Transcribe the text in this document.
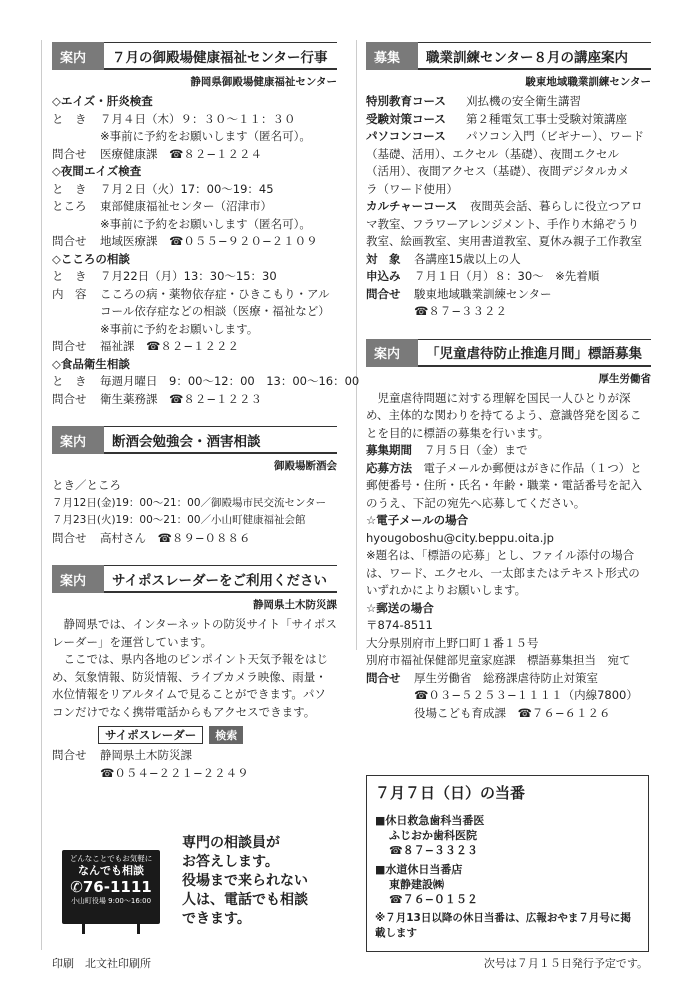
案内	７月の御殿場健康福祉センター行事
静岡県御殿場健康福祉センター
◇エイズ・肝炎検査
と　き	７月４日（木）９：３０〜１１：３０
※事前に予約をお願いします（匿名可）。
問合せ	医療健康課　☎８２−１２２４
◇夜間エイズ検査
と　き	７月２日（火）17：00〜19：45
ところ	東部健康福祉センター（沼津市）
※事前に予約をお願いします（匿名可）。
問合せ	地域医療課　☎０５５−９２０−２１０９
◇こころの相談
と　き	７月22日（月）13：30〜15：30
内　容	こころの病・薬物依存症・ひきこもり・アル
コール依存症などの相談（医療・福祉など）
※事前に予約をお願いします。
問合せ	福祉課　☎８２−１２２２
◇食品衛生相談
と　き	毎週月曜日　9：00〜12：00　13：00〜16：00
問合せ	衛生薬務課　☎８２−１２２３
案内	断酒会勉強会・酒害相談
御殿場断酒会
とき／ところ
７月12日(金)19：00〜21：00／御殿場市民交流センター
７月23日(火)19：00〜21：00／小山町健康福祉会館
問合せ	高村さん　☎８９−０８８６
案内	サイポスレーダーをご利用ください
静岡県土木防災課
静岡県では、インターネットの防災サイト「サイポスレーダー」を運営しています。
ここでは、県内各地のピンポイント天気予報をはじめ、気象情報、防災情報、ライブカメラ映像、雨量・水位情報をリアルタイムで見ることができます。パソコンだけでなく携帯電話からもアクセスできます。
サイポスレーダー 検索
問合せ	静岡県土木防災課
☎０５４−２２１−２２４９
どんなことでもお気軽に
なんでも相談
✆76-1111
小山町役場 9:00〜16:00
専門の相談員が
お答えします。
役場まで来られない
人は、電話でも相談
できます。
募集	職業訓練センター８月の講座案内
駿東地域職業訓練センター
特別教育コース	刈払機の安全衛生講習
受験対策コース	第２種電気工事士受験対策講座
パソコンコース	パソコン入門（ビギナー）、ワード
（基礎、活用）、エクセル（基礎）、夜間エクセル
（活用）、夜間アクセス（基礎）、夜間デジタルカメ
ラ（ワード使用）
カルチャーコース	夜間英会話、暮らしに役立つアロ
マ教室、フラワーアレンジメント、手作り木綿ぞうり
教室、絵画教室、実用書道教室、夏休み親子工作教室
対　象	各講座15歳以上の人
申込み	７月１日（月）８：30〜　※先着順
問合せ	駿東地域職業訓練センター
☎８７−３３２２
案内	「児童虐待防止推進月間」標語募集
厚生労働省
児童虐待問題に対する理解を国民一人ひとりが深め、主体的な関わりを持てるよう、意識啓発を図ることを目的に標語の募集を行います。
募集期間	７月５日（金）まで
応募方法　 電子メールか郵便はがきに作品（１つ）と郵便番号・住所・氏名・年齢・職業・電話番号を記入のうえ、下記の宛先へ応募してください。
☆電子メールの場合
hyougoboshu@city.beppu.oita.jp
※題名は、「標語の応募」とし、ファイル添付の場合は、ワード、エクセル、一太郎またはテキスト形式のいずれかによりお願いします。
☆郵送の場合
〒874-8511
大分県別府市上野口町１番１５号
別府市福祉保健部児童家庭課　標語募集担当　宛て
問合せ	厚生労働省　総務課虐待防止対策室
☎０３−５２５３−１１１１（内線7800）
役場こども育成課　☎７６−６１２６
７月７日（日）の当番
■休日救急歯科当番医
ふじおか歯科医院
☎８７−３３２３
■水道休日当番店
東静建設㈱
☎７６−０１５２
※７月13日以降の休日当番は、広報おやま７月号に掲載します
印刷　北文社印刷所	次号は７月１５日発行予定です。
